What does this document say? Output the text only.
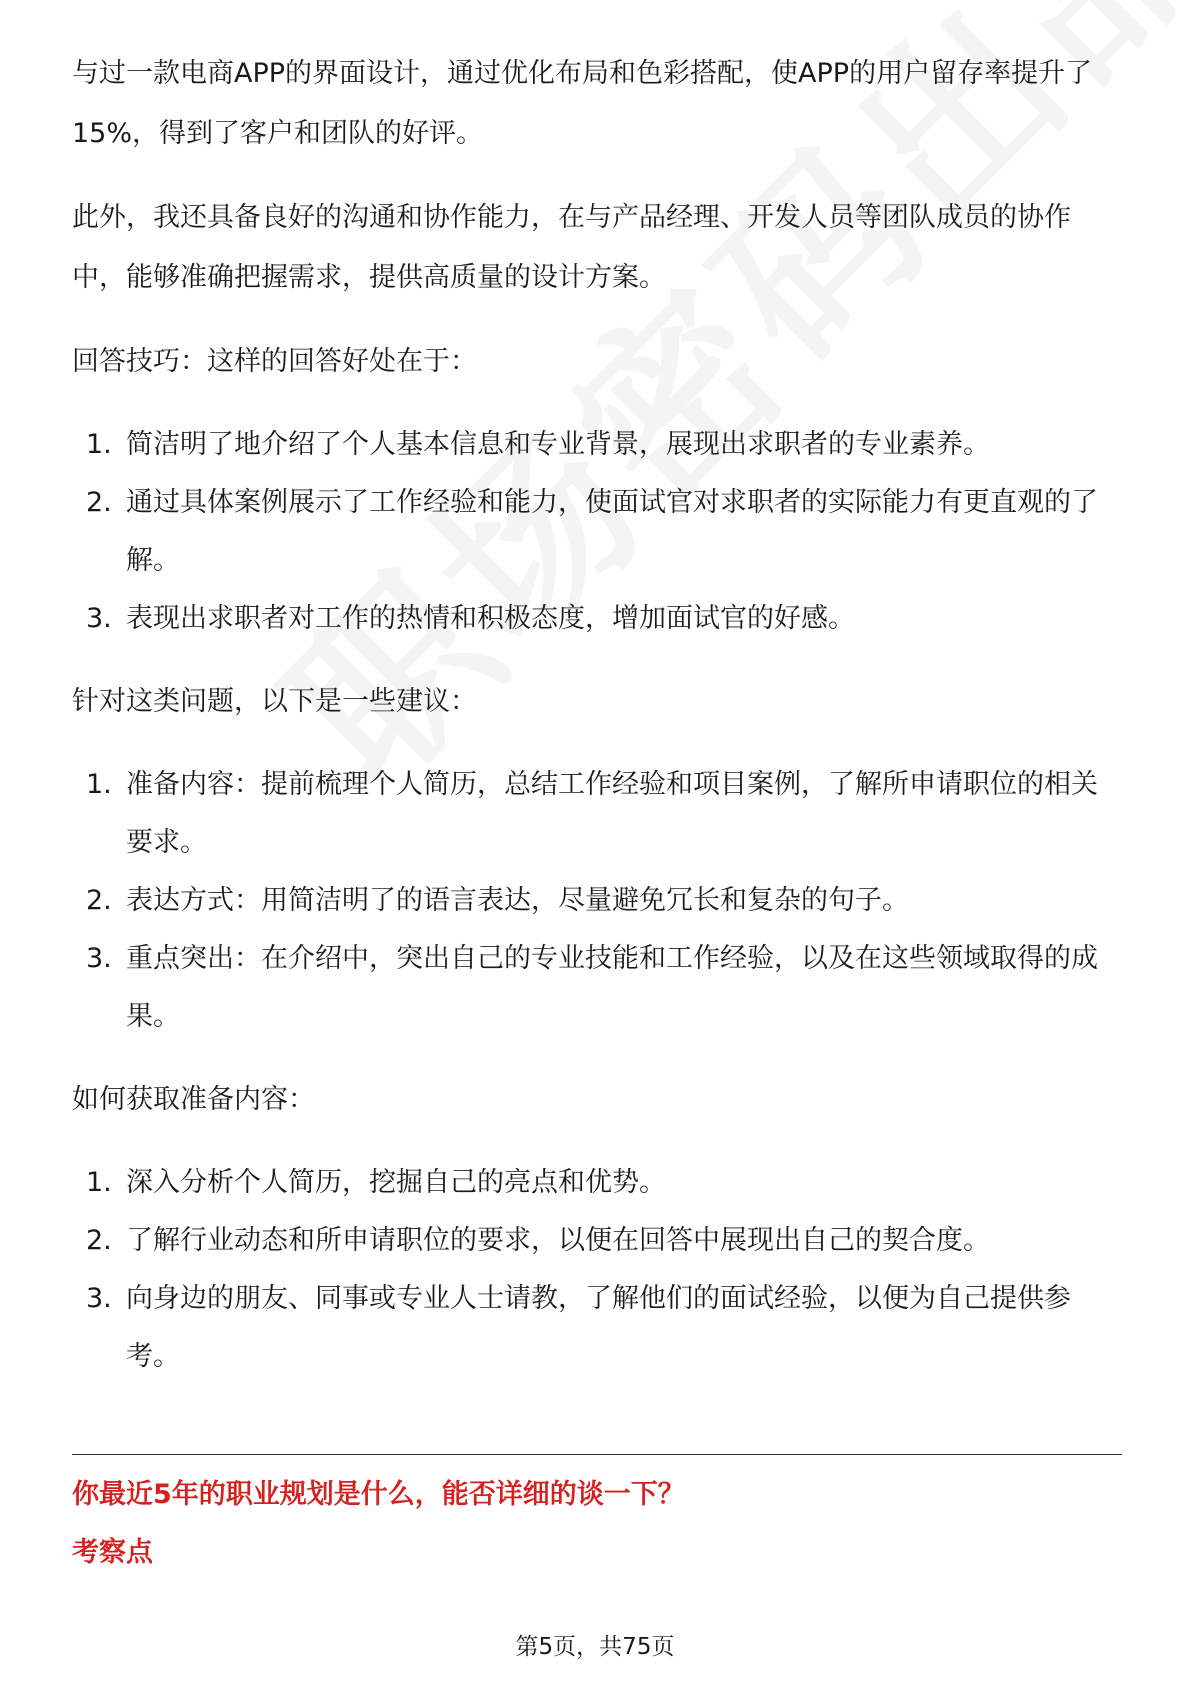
与过一款电商APP的界面设计，通过优化布局和色彩搭配，使APP的用户留存率提升了15%，得到了客户和团队的好评。

此外，我还具备良好的沟通和协作能力，在与产品经理、开发人员等团队成员的协作中，能够准确把握需求，提供高质量的设计方案。

回答技巧：这样的回答好处在于：

1. 简洁明了地介绍了个人基本信息和专业背景，展现出求职者的专业素养。
2. 通过具体案例展示了工作经验和能力，使面试官对求职者的实际能力有更直观的了解。
3. 表现出求职者对工作的热情和积极态度，增加面试官的好感。

针对这类问题，以下是一些建议：

1. 准备内容：提前梳理个人简历，总结工作经验和项目案例，了解所申请职位的相关要求。
2. 表达方式：用简洁明了的语言表达，尽量避免冗长和复杂的句子。
3. 重点突出：在介绍中，突出自己的专业技能和工作经验，以及在这些领域取得的成果。

如何获取准备内容：

1. 深入分析个人简历，挖掘自己的亮点和优势。
2. 了解行业动态和所申请职位的要求，以便在回答中展现出自己的契合度。
3. 向身边的朋友、同事或专业人士请教，了解他们的面试经验，以便为自己提供参考。
你最近5年的职业规划是什么，能否详细的谈一下？
考察点
第5页，共75页
